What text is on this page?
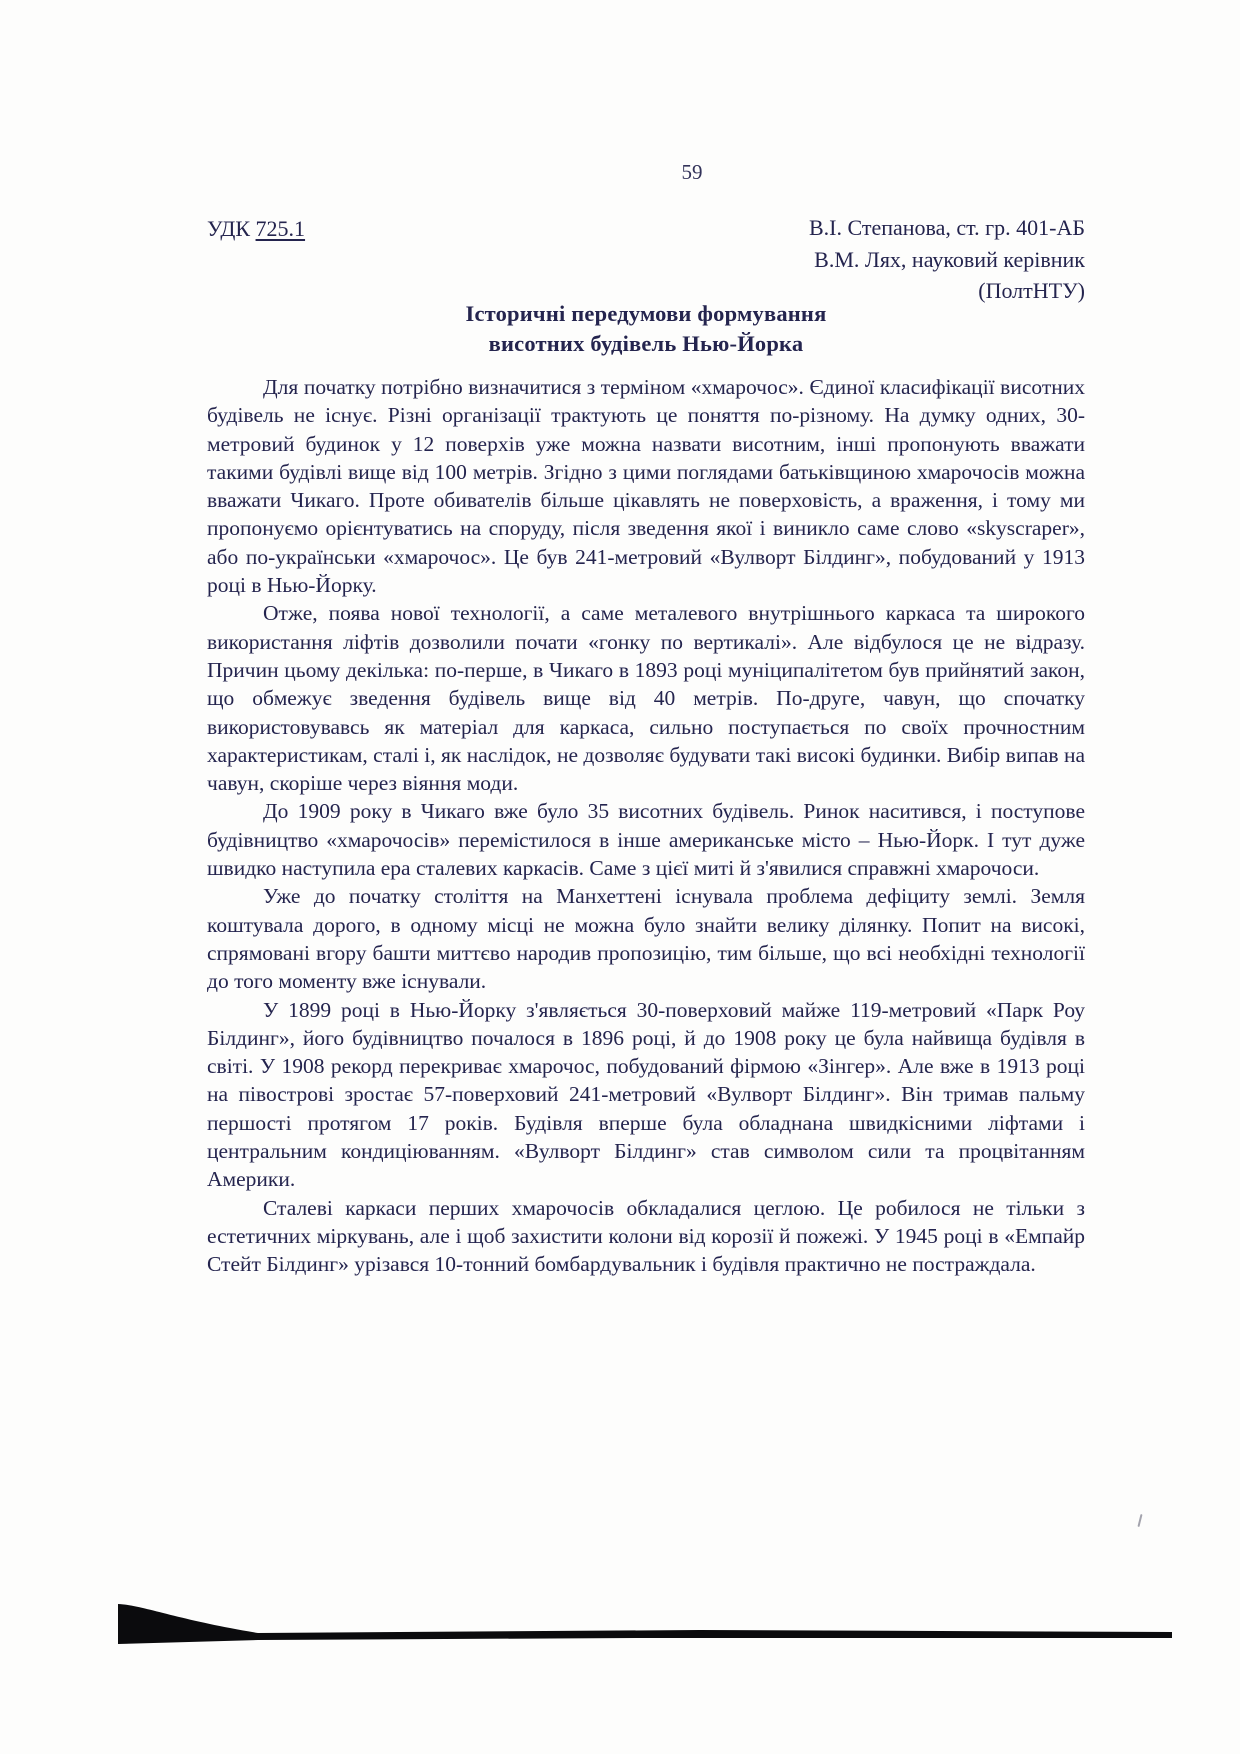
59
УДК 725.1	В.І. Степанова, ст. гр. 401-АБ
В.М. Лях, науковий керівник
(ПолтНТУ)
Історичні передумови формування
висотних будівель Нью-Йорка

Для початку потрібно визначитися з терміном «хмарочос». Єдиної класифікації висотних будівель не існує. Різні організації трактують це поняття по-різному. На думку одних, 30-метровий будинок у 12 поверхів уже можна назвати висотним, інші пропонують вважати такими будівлі вище від 100 метрів. Згідно з цими поглядами батьківщиною хмарочосів можна вважати Чикаго. Проте обивателів більше цікавлять не поверховість, а враження, і тому ми пропонуємо орієнтуватись на споруду, після зведення якої і виникло саме слово «skyscraper», або по-українськи «хмарочос». Це був 241-метровий «Вулворт Білдинг», побудований у 1913 році в Нью-Йорку.

Отже, поява нової технології, а саме металевого внутрішнього каркаса та широкого використання ліфтів дозволили почати «гонку по вертикалі». Але відбулося це не відразу. Причин цьому декілька: по-перше, в Чикаго в 1893 році муніципалітетом був прийнятий закон, що обмежує зведення будівель вище від 40 метрів. По-друге, чавун, що спочатку використовувавсь як матеріал для каркаса, сильно поступається по своїх прочностним характеристикам, сталі і, як наслідок, не дозволяє будувати такі високі будинки. Вибір випав на чавун, скоріше через віяння моди.

До 1909 року в Чикаго вже було 35 висотних будівель. Ринок наситився, і поступове будівництво «хмарочосів» перемістилося в інше американське місто – Нью-Йорк. І тут дуже швидко наступила ера сталевих каркасів. Саме з цієї миті й з'явилися справжні хмарочоси.

Уже до початку століття на Манхеттені існувала проблема дефіциту землі. Земля коштувала дорого, в одному місці не можна було знайти велику ділянку. Попит на високі, спрямовані вгору башти миттєво народив пропозицію, тим більше, що всі необхідні технології до того моменту вже існували.

У 1899 році в Нью-Йорку з'являється 30-поверховий майже 119-метровий «Парк Роу Білдинг», його будівництво почалося в 1896 році, й до 1908 року це була найвища будівля в світі. У 1908 рекорд перекриває хмарочос, побудований фірмою «Зінгер». Але вже в 1913 році на півострові зростає 57-поверховий 241-метровий «Вулворт Білдинг». Він тримав пальму першості протягом 17 років. Будівля вперше була обладнана швидкісними ліфтами і центральним кондиціюванням. «Вулворт Білдинг» став символом сили та процвітанням Америки.

Сталеві каркаси перших хмарочосів обкладалися цеглою. Це робилося не тільки з естетичних міркувань, але і щоб захистити колони від корозії й пожежі. У 1945 році в «Емпайр Стейт Білдинг» урізався 10-тонний бомбардувальник і будівля практично не постраждала.
